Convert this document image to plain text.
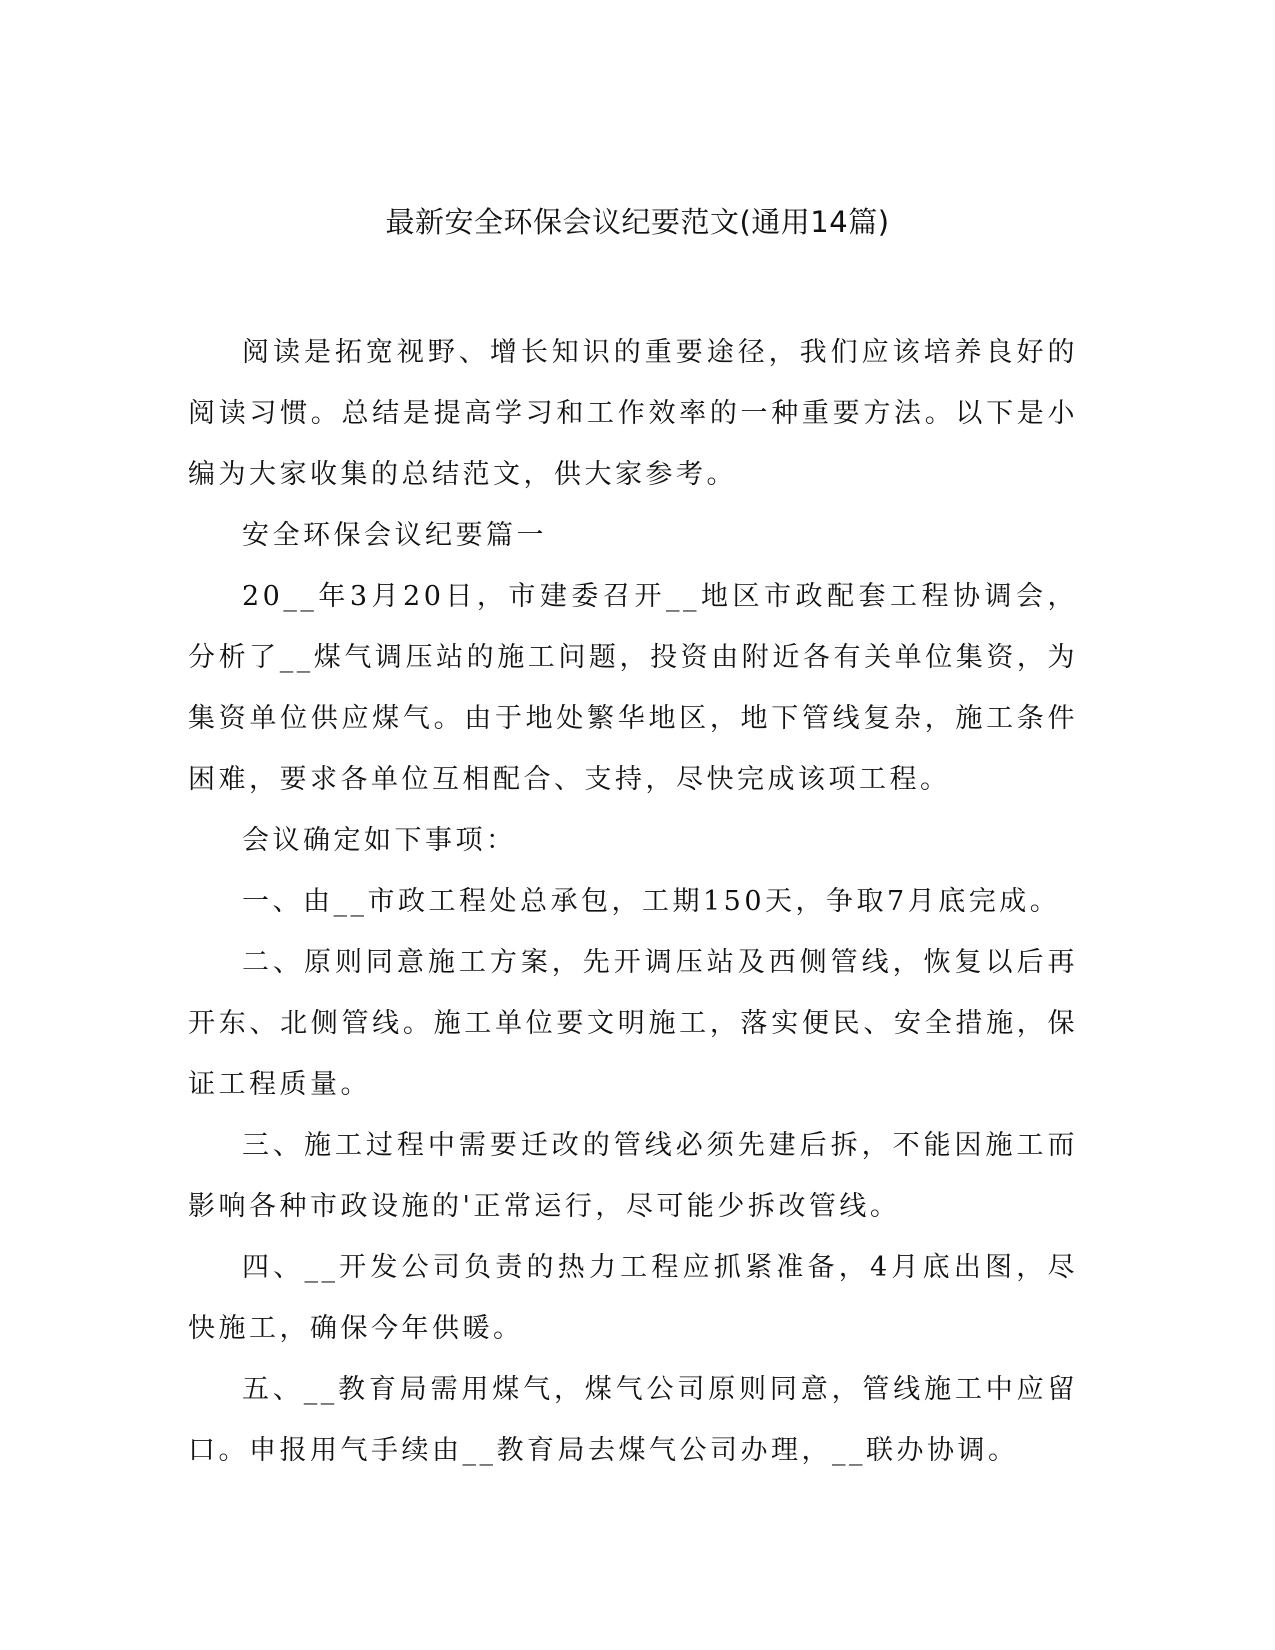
最新安全环保会议纪要范文(通用14篇)

阅读是拓宽视野、增长知识的重要途径，我们应该培养良好的阅读习惯。总结是提高学习和工作效率的一种重要方法。以下是小编为大家收集的总结范文，供大家参考。

安全环保会议纪要篇一

20__年3月20日，市建委召开__地区市政配套工程协调会，分析了__煤气调压站的施工问题，投资由附近各有关单位集资，为集资单位供应煤气。由于地处繁华地区，地下管线复杂，施工条件困难，要求各单位互相配合、支持，尽快完成该项工程。

会议确定如下事项：

一、由__市政工程处总承包，工期150天，争取7月底完成。

二、原则同意施工方案，先开调压站及西侧管线，恢复以后再开东、北侧管线。施工单位要文明施工，落实便民、安全措施，保证工程质量。

三、施工过程中需要迁改的管线必须先建后拆，不能因施工而影响各种市政设施的'正常运行，尽可能少拆改管线。

四、__开发公司负责的热力工程应抓紧准备，4月底出图，尽快施工，确保今年供暖。

五、__教育局需用煤气，煤气公司原则同意，管线施工中应留口。申报用气手续由__教育局去煤气公司办理，__联办协调。
